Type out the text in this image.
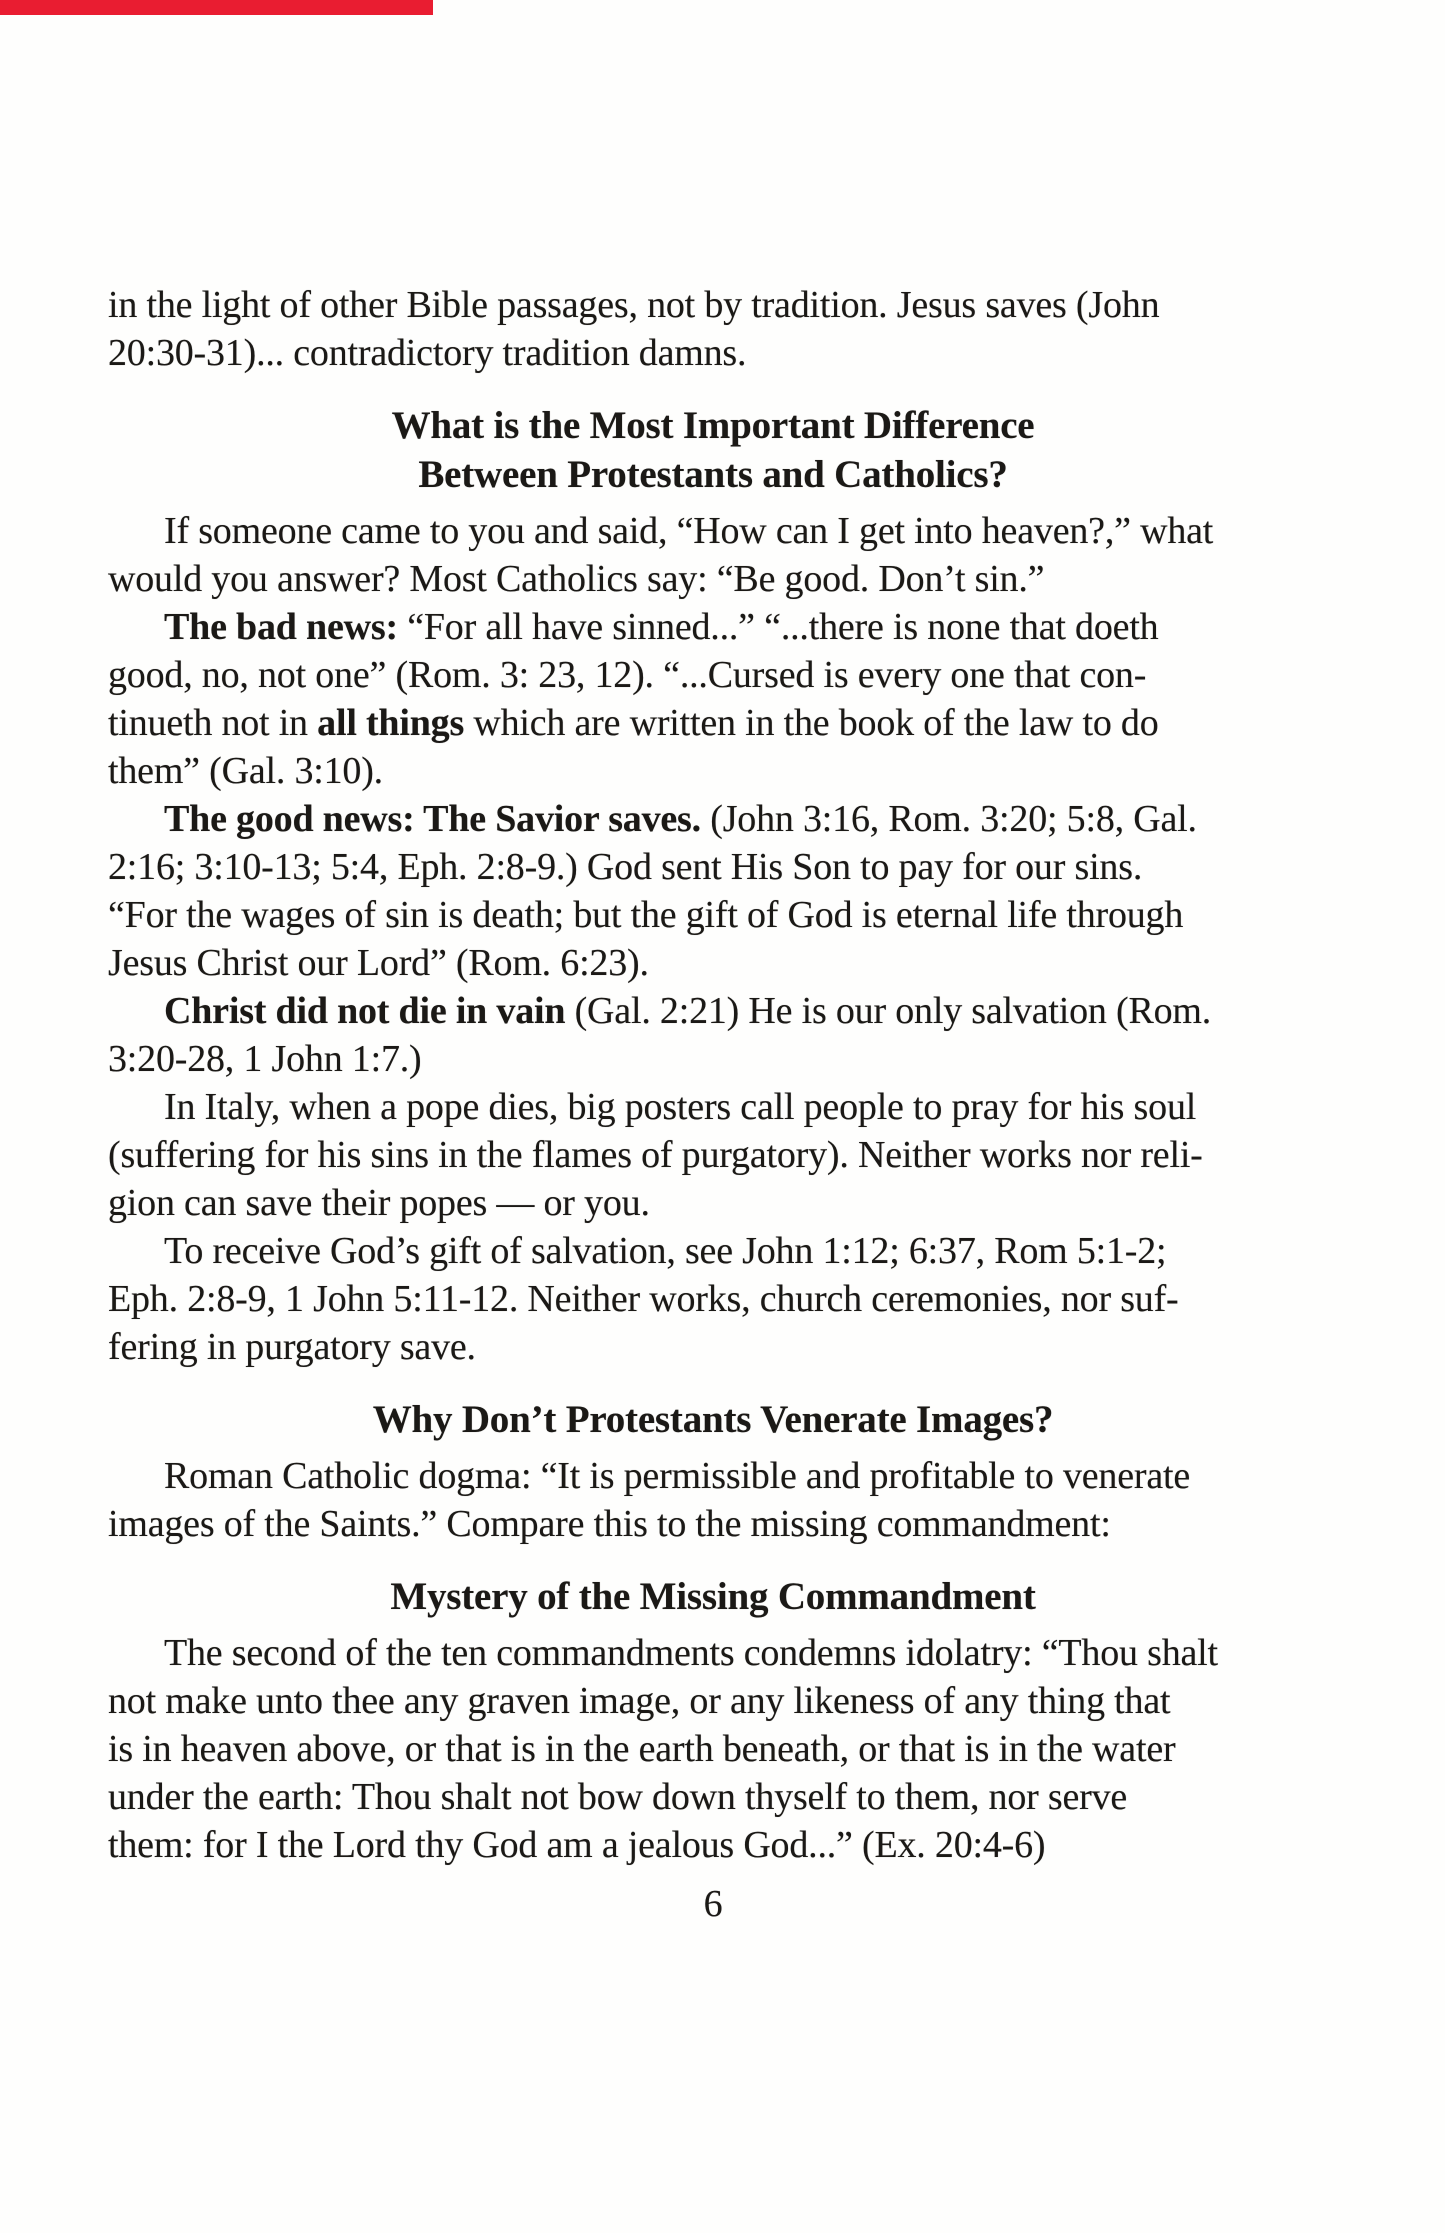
in the light of other Bible passages, not by tradition. Jesus saves (John
20:30-31)... contradictory tradition damns.

What is the Most Important Difference
Between Protestants and Catholics?

If someone came to you and said, “How can I get into heaven?,” what
would you answer? Most Catholics say: “Be good. Don’t sin.”

The bad news: “For all have sinned...” “...there is none that doeth
good, no, not one” (Rom. 3: 23, 12). “...Cursed is every one that con-
tinueth not in all things which are written in the book of the law to do
them” (Gal. 3:10).

The good news: The Savior saves. (John 3:16, Rom. 3:20; 5:8, Gal.
2:16; 3:10-13; 5:4, Eph. 2:8-9.) God sent His Son to pay for our sins.
“For the wages of sin is death; but the gift of God is eternal life through
Jesus Christ our Lord” (Rom. 6:23).

Christ did not die in vain (Gal. 2:21) He is our only salvation (Rom.
3:20-28, 1 John 1:7.)

In Italy, when a pope dies, big posters call people to pray for his soul
(suffering for his sins in the flames of purgatory). Neither works nor reli-
gion can save their popes — or you.

To receive God’s gift of salvation, see John 1:12; 6:37, Rom 5:1-2;
Eph. 2:8-9, 1 John 5:11-12. Neither works, church ceremonies, nor suf-
fering in purgatory save.

Why Don’t Protestants Venerate Images?

Roman Catholic dogma: “It is permissible and profitable to venerate
images of the Saints.” Compare this to the missing commandment:

Mystery of the Missing Commandment

The second of the ten commandments condemns idolatry: “Thou shalt
not make unto thee any graven image, or any likeness of any thing that
is in heaven above, or that is in the earth beneath, or that is in the water
under the earth: Thou shalt not bow down thyself to them, nor serve
them: for I the Lord thy God am a jealous God...” (Ex. 20:4-6)

6
